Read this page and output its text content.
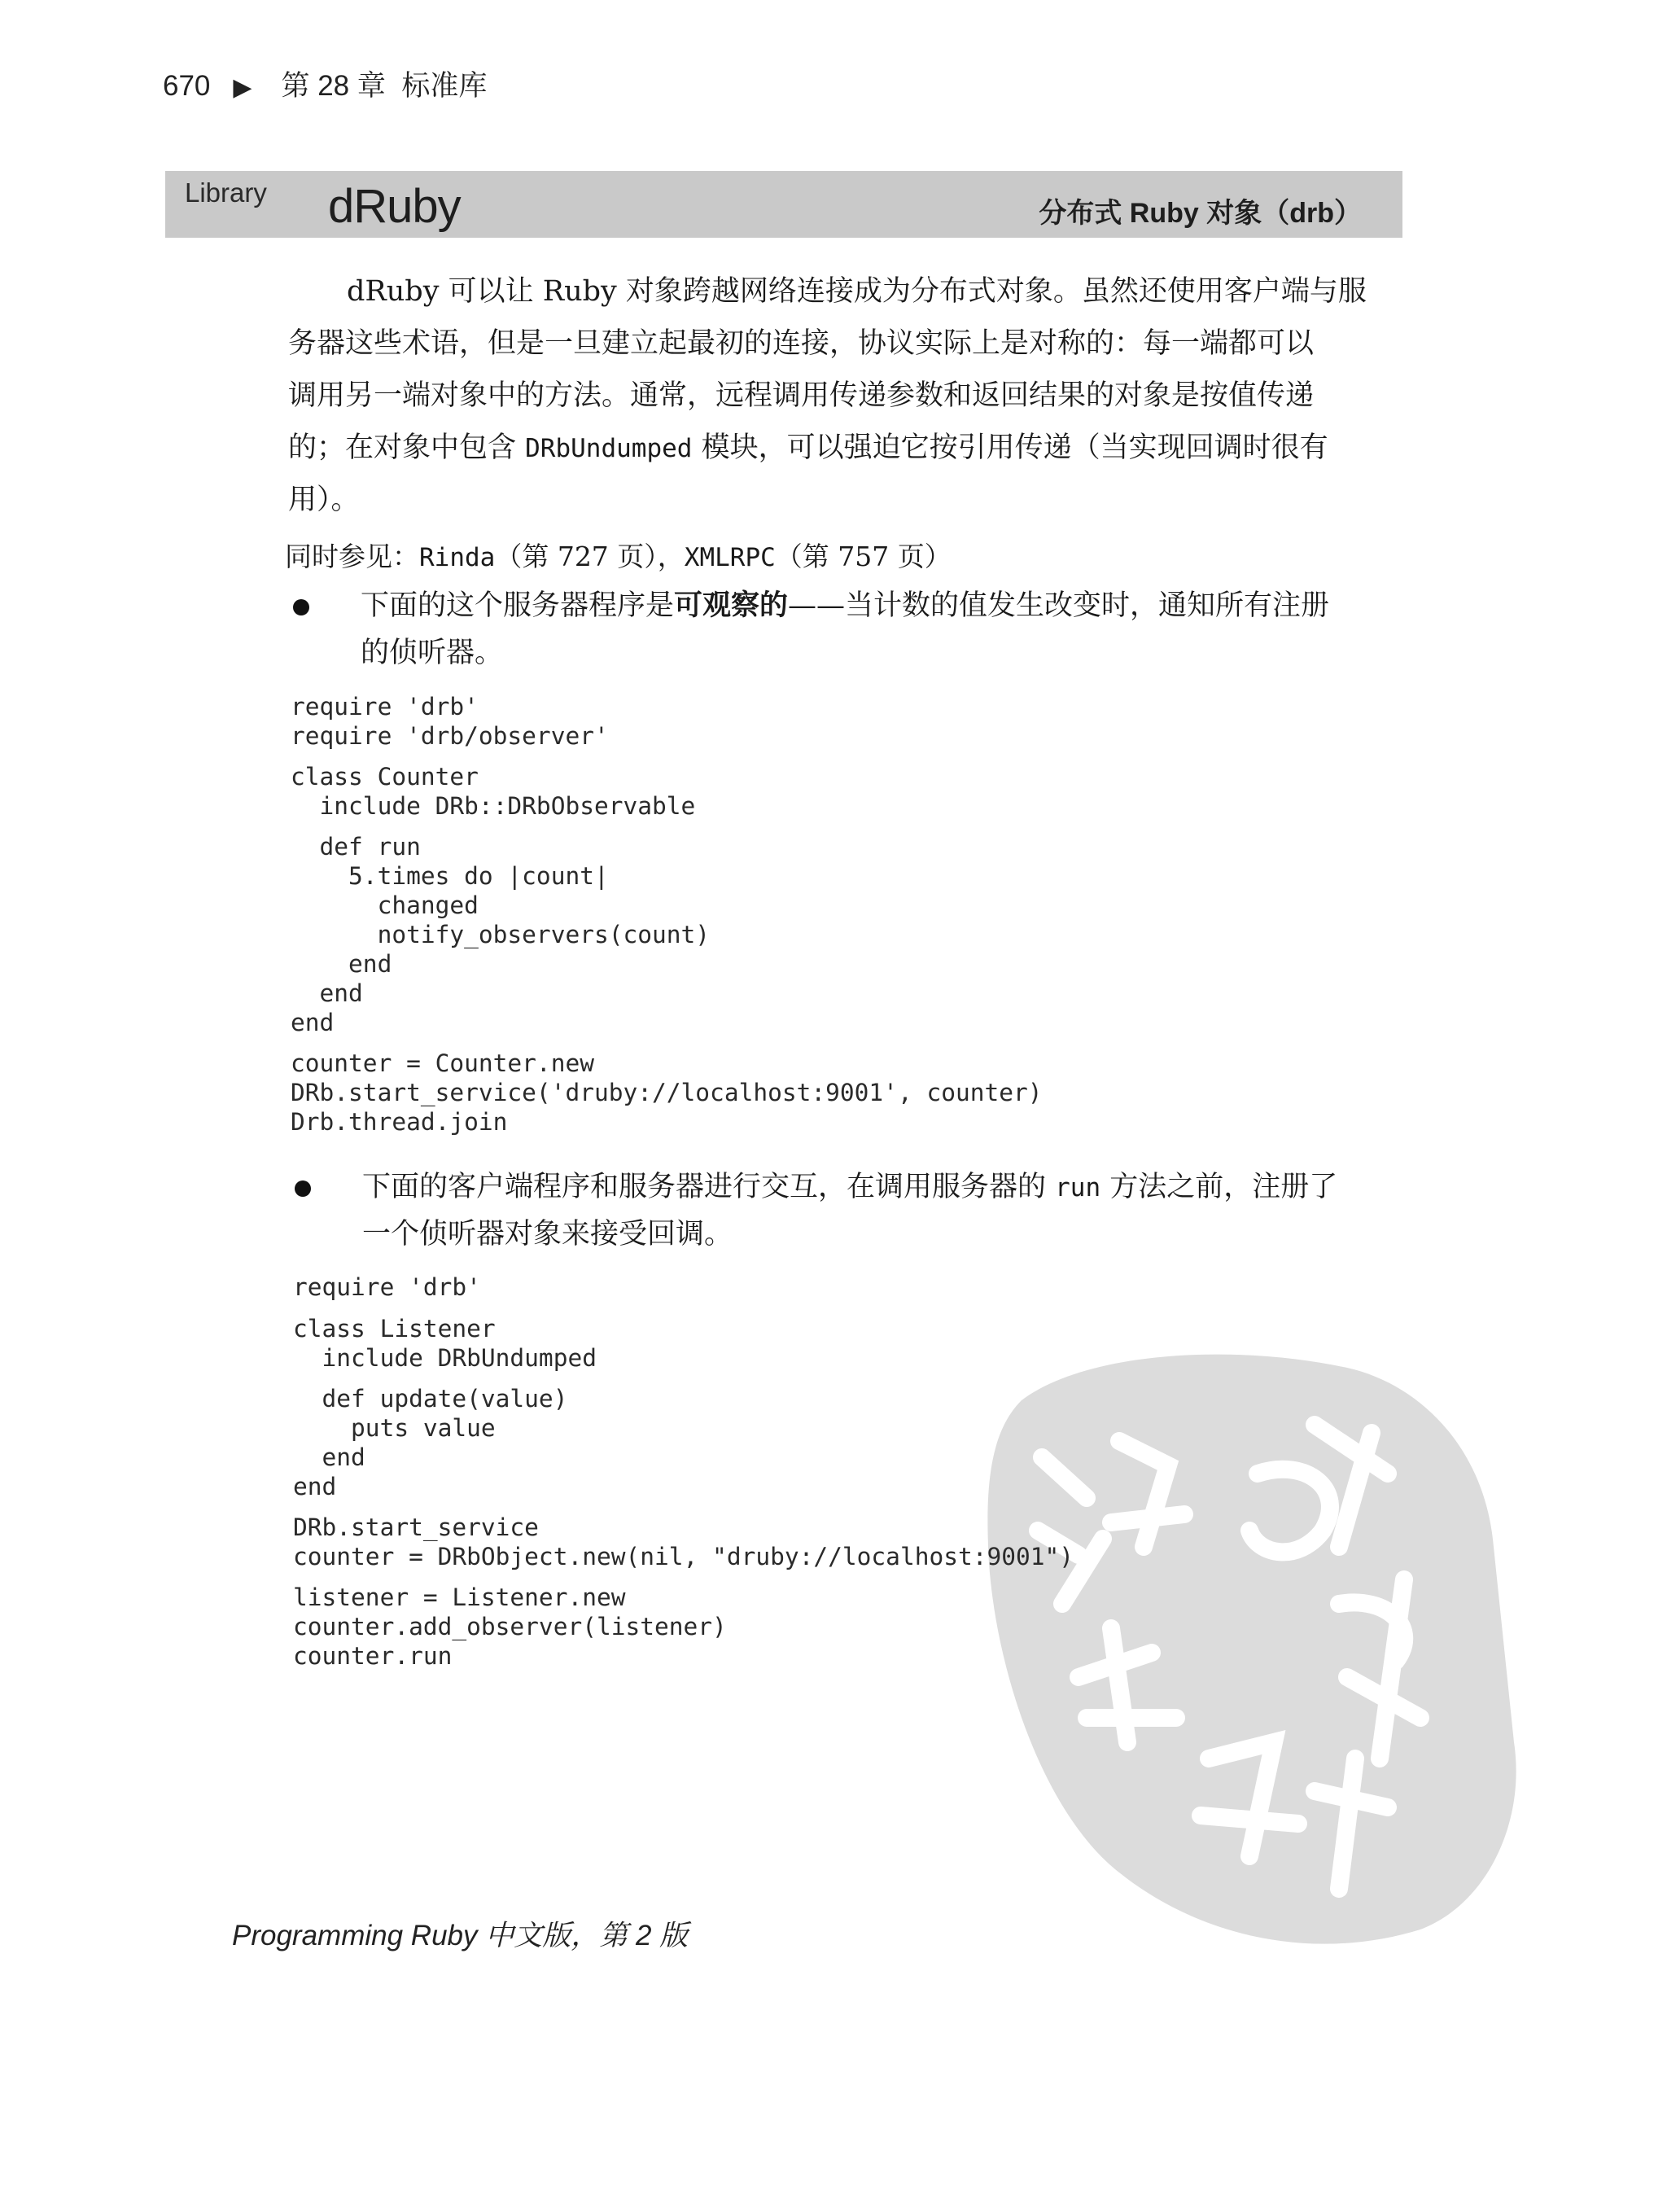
670 ▶ 第 28 章 标准库
Library dRuby	分布式 Ruby 对象（drb）
dRuby 可以让 Ruby 对象跨越网络连接成为分布式对象。虽然还使用客户端与服
务器这些术语，但是一旦建立起最初的连接，协议实际上是对称的：每一端都可以
调用另一端对象中的方法。通常，远程调用传递参数和返回结果的对象是按值传递
的；在对象中包含 DRbUndumped 模块，可以强迫它按引用传递（当实现回调时很有
用）。
同时参见：Rinda（第 727 页），XMLRPC（第 757 页）
下面的这个服务器程序是可观察的——当计数的值发生改变时，通知所有注册
的侦听器。
require 'drb'
require 'drb/observer'
class Counter
include DRb::DRbObservable
def run
5.times do |count|
changed
notify_observers(count)
end
end
end
counter = Counter.new
DRb.start_service('druby://localhost:9001', counter)
Drb.thread.join
下面的客户端程序和服务器进行交互，在调用服务器的 run 方法之前，注册了
一个侦听器对象来接受回调。
require 'drb'
class Listener
include DRbUndumped
def update(value)
puts value
end
end
DRb.start_service
counter = DRbObject.new(nil, "druby://localhost:9001")
listener = Listener.new
counter.add_observer(listener)
counter.run
Programming Ruby 中文版，第 2 版
